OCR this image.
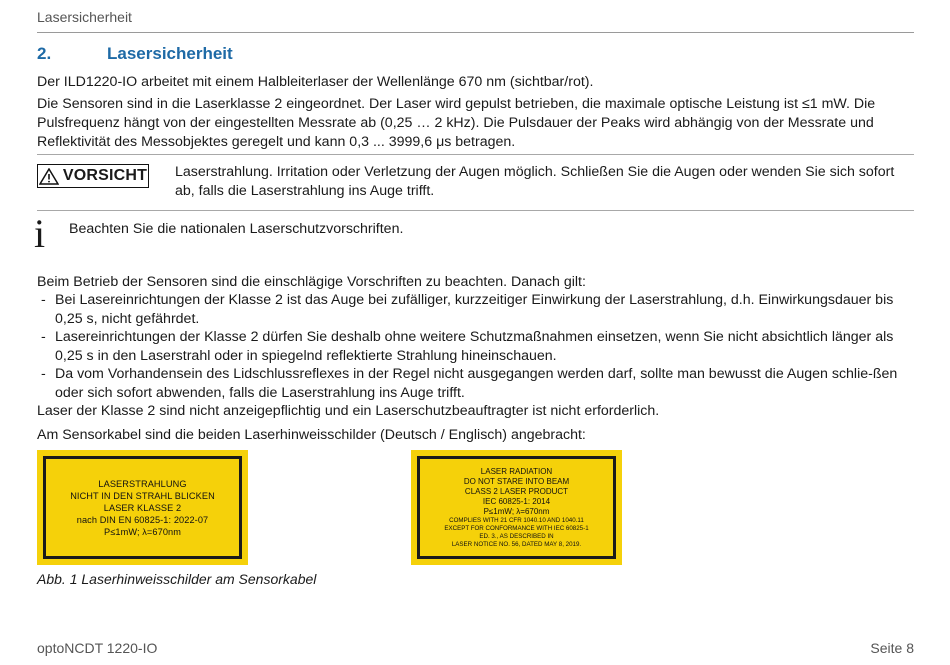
Lasersicherheit
2.	Lasersicherheit
Der ILD1220-IO arbeitet mit einem Halbleiterlaser der Wellenlänge 670 nm (sichtbar/rot).
Die Sensoren sind in die Laserklasse 2 eingeordnet. Der Laser wird gepulst betrieben, die maximale optische Leistung ist ≤1 mW. Die Pulsfrequenz hängt von der eingestellten Messrate ab (0,25 … 2 kHz). Die Pulsdauer der Peaks wird abhängig von der Messrate und Reflektivität des Messobjektes geregelt und kann 0,3 ... 3999,6 μs betragen.
VORSICHT Laserstrahlung. Irritation oder Verletzung der Augen möglich. Schließen Sie die Augen oder wenden Sie sich sofort ab, falls die Laserstrahlung ins Auge trifft.
i Beachten Sie die nationalen Laserschutzvorschriften.
Beim Betrieb der Sensoren sind die einschlägige Vorschriften zu beachten. Danach gilt:
- Bei Lasereinrichtungen der Klasse 2 ist das Auge bei zufälliger, kurzzeitiger Einwirkung der Laserstrahlung, d.h. Einwirkungsdauer bis 0,25 s, nicht gefährdet.
- Lasereinrichtungen der Klasse 2 dürfen Sie deshalb ohne weitere Schutzmaßnahmen einsetzen, wenn Sie nicht absichtlich länger als 0,25 s in den Laserstrahl oder in spiegelnd reflektierte Strahlung hineinschauen.
- Da vom Vorhandensein des Lidschlussreflexes in der Regel nicht ausgegangen werden darf, sollte man bewusst die Augen schlie-ßen oder sich sofort abwenden, falls die Laserstrahlung ins Auge trifft.
Laser der Klasse 2 sind nicht anzeigepflichtig und ein Laserschutzbeauftragter ist nicht erforderlich.
Am Sensorkabel sind die beiden Laserhinweisschilder (Deutsch / Englisch) angebracht:
LASERSTRAHLUNG
NICHT IN DEN STRAHL BLICKEN
LASER KLASSE 2
nach DIN EN 60825-1: 2022-07
P≤1mW; λ=670nm
LASER RADIATION
DO NOT STARE INTO BEAM
CLASS 2 LASER PRODUCT
IEC 60825-1: 2014
P≤1mW; λ=670nm
COMPLIES WITH 21 CFR 1040.10 AND 1040.11
EXCEPT FOR CONFORMANCE WITH IEC 60825-1
ED. 3., AS DESCRIBED IN
LASER NOTICE NO. 56, DATED MAY 8, 2019.
Abb. 1 Laserhinweisschilder am Sensorkabel
optoNCDT 1220-IO	Seite 8
